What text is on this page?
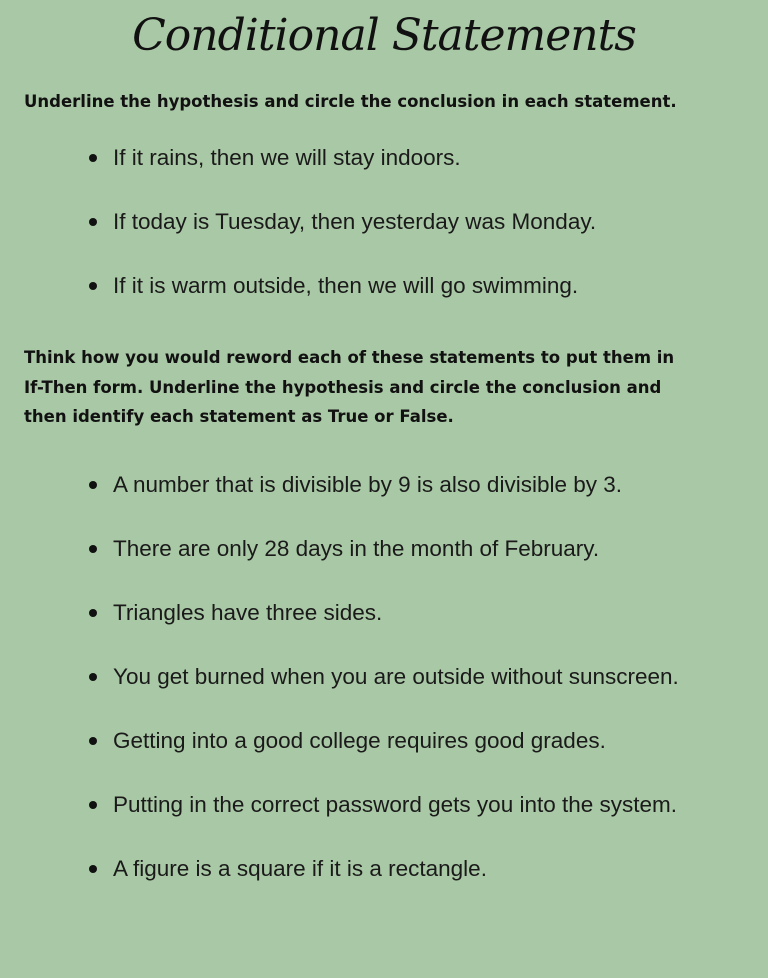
Conditional Statements

Underline the hypothesis and circle the conclusion in each statement.

If it rains, then we will stay indoors.
If today is Tuesday, then yesterday was Monday.
If it is warm outside, then we will go swimming.

Think how you would reword each of these statements to put them in
If-Then form. Underline the hypothesis and circle the conclusion and
then identify each statement as True or False.

A number that is divisible by 9 is also divisible by 3.
There are only 28 days in the month of February.
Triangles have three sides.
You get burned when you are outside without sunscreen.
Getting into a good college requires good grades.
Putting in the correct password gets you into the system.
A figure is a square if it is a rectangle.
